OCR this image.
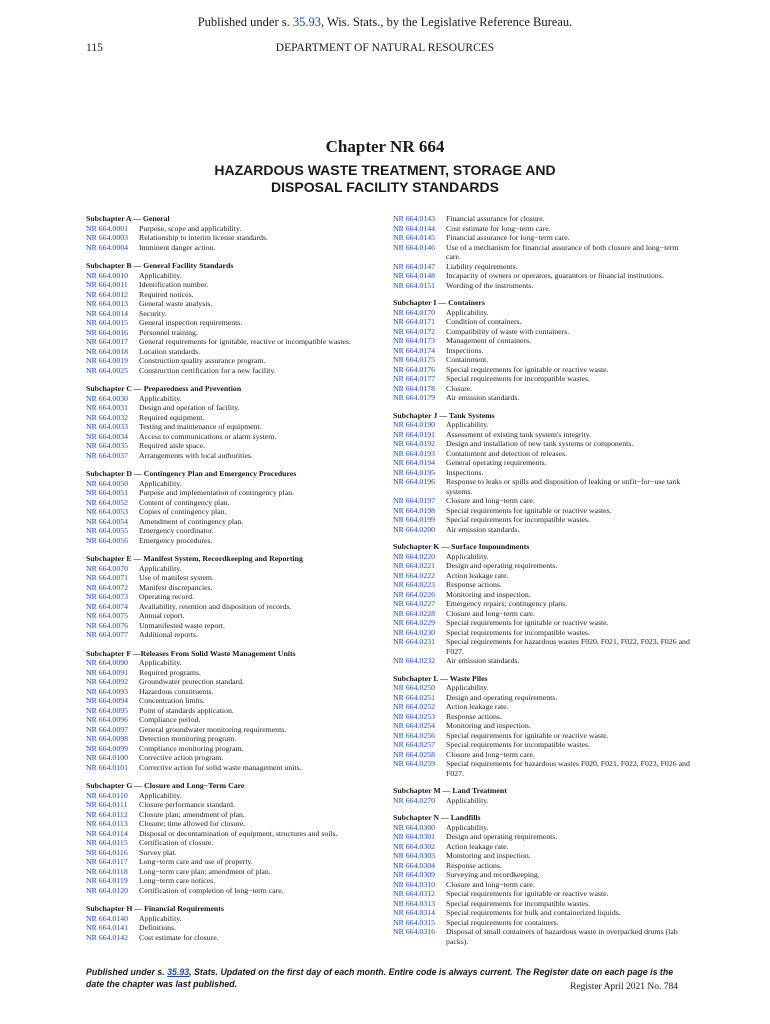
Published under s. 35.93, Wis. Stats., by the Legislative Reference Bureau.
115	DEPARTMENT OF NATURAL RESOURCES
Chapter NR 664
HAZARDOUS WASTE TREATMENT, STORAGE AND DISPOSAL FACILITY STANDARDS
Subchapter A — General
NR 664.0001	Purpose, scope and applicability.
NR 664.0003	Relationship to interim license standards.
NR 664.0004	Imminent danger action.
Subchapter B — General Facility Standards
NR 664.0010	Applicability.
NR 664.0011	Identification number.
NR 664.0012	Required notices.
NR 664.0013	General waste analysis.
NR 664.0014	Security.
NR 664.0015	General inspection requirements.
NR 664.0016	Personnel training.
NR 664.0017	General requirements for ignitable, reactive or incompatible wastes.
NR 664.0018	Location standards.
NR 664.0019	Construction quality assurance program.
NR 664.0025	Construction certification for a new facility.
Subchapter C — Preparedness and Prevention
NR 664.0030	Applicability.
NR 664.0031	Design and operation of facility.
NR 664.0032	Required equipment.
NR 664.0033	Testing and maintenance of equipment.
NR 664.0034	Access to communications or alarm system.
NR 664.0035	Required aisle space.
NR 664.0037	Arrangements with local authorities.
Subchapter D — Contingency Plan and Emergency Procedures
NR 664.0050	Applicability.
NR 664.0051	Purpose and implementation of contingency plan.
NR 664.0052	Content of contingency plan.
NR 664.0053	Copies of contingency plan.
NR 664.0054	Amendment of contingency plan.
NR 664.0055	Emergency coordinator.
NR 664.0056	Emergency procedures.
Subchapter E — Manifest System, Recordkeeping and Reporting
NR 664.0070	Applicability.
NR 664.0071	Use of manifest system.
NR 664.0072	Manifest discrepancies.
NR 664.0073	Operating record.
NR 664.0074	Availability, retention and disposition of records.
NR 664.0075	Annual report.
NR 664.0076	Unmanifested waste report.
NR 664.0077	Additional reports.
Subchapter F —Releases From Solid Waste Management Units
NR 664.0090	Applicability.
NR 664.0091	Required programs.
NR 664.0092	Groundwater protection standard.
NR 664.0093	Hazardous constituents.
NR 664.0094	Concentration limits.
NR 664.0095	Point of standards application.
NR 664.0096	Compliance period.
NR 664.0097	General groundwater monitoring requirements.
NR 664.0098	Detection monitoring program.
NR 664.0099	Compliance monitoring program.
NR 664.0100	Corrective action program.
NR 664.0101	Corrective action for solid waste management units.
Subchapter G — Closure and Long−Term Care
NR 664.0110	Applicability.
NR 664.0111	Closure performance standard.
NR 664.0112	Closure plan; amendment of plan.
NR 664.0113	Closure; time allowed for closure.
NR 664.0114	Disposal or decontamination of equipment, structures and soils.
NR 664.0115	Certification of closure.
NR 664.0116	Survey plat.
NR 664.0117	Long−term care and use of property.
NR 664.0118	Long−term care plan; amendment of plan.
NR 664.0119	Long−term care notices.
NR 664.0120	Certification of completion of long−term care.
Subchapter H — Financial Requirements
NR 664.0140	Applicability.
NR 664.0141	Definitions.
NR 664.0142	Cost estimate for closure.
NR 664.0143	Financial assurance for closure.
NR 664.0144	Cost estimate for long−term care.
NR 664.0145	Financial assurance for long−term care.
NR 664.0146	Use of a mechanism for financial assurance of both closure and long−term care.
NR 664.0147	Liability requirements.
NR 664.0148	Incapacity of owners or operators, guarantors or financial institutions.
NR 664.0151	Wording of the instruments.
Subchapter I — Containers
NR 664.0170	Applicability.
NR 664.0171	Condition of containers.
NR 664.0172	Compatibility of waste with containers.
NR 664.0173	Management of containers.
NR 664.0174	Inspections.
NR 664.0175	Containment.
NR 664.0176	Special requirements for ignitable or reactive waste.
NR 664.0177	Special requirements for incompatible wastes.
NR 664.0178	Closure.
NR 664.0179	Air emission standards.
Subchapter J — Tank Systems
NR 664.0190	Applicability.
NR 664.0191	Assessment of existing tank system's integrity.
NR 664.0192	Design and installation of new tank systems or components.
NR 664.0193	Containment and detection of releases.
NR 664.0194	General operating requirements.
NR 664.0195	Inspections.
NR 664.0196	Response to leaks or spills and disposition of leaking or unfit−for−use tank systems.
NR 664.0197	Closure and long−term care.
NR 664.0198	Special requirements for ignitable or reactive wastes.
NR 664.0199	Special requirements for incompatible wastes.
NR 664.0200	Air emission standards.
Subchapter K — Surface Impoundments
NR 664.0220	Applicability.
NR 664.0221	Design and operating requirements.
NR 664.0222	Action leakage rate.
NR 664.0223	Response actions.
NR 664.0226	Monitoring and inspection.
NR 664.0227	Emergency repairs; contingency plans.
NR 664.0228	Closure and long−term care.
NR 664.0229	Special requirements for ignitable or reactive waste.
NR 664.0230	Special requirements for incompatible wastes.
NR 664.0231	Special requirements for hazardous wastes F020, F021, F022, F023, F026 and F027.
NR 664.0232	Air emission standards.
Subchapter L — Waste Piles
NR 664.0250	Applicability.
NR 664.0251	Design and operating requirements.
NR 664.0252	Action leakage rate.
NR 664.0253	Response actions.
NR 664.0254	Monitoring and inspection.
NR 664.0256	Special requirements for ignitable or reactive waste.
NR 664.0257	Special requirements for incompatible wastes.
NR 664.0258	Closure and long−term care.
NR 664.0259	Special requirements for hazardous wastes F020, F021, F022, F023, F026 and F027.
Subchapter M — Land Treatment
NR 664.0270	Applicability.
Subchapter N — Landfills
NR 664.0300	Applicability.
NR 664.0301	Design and operating requirements.
NR 664.0302	Action leakage rate.
NR 664.0303	Monitoring and inspection.
NR 664.0304	Response actions.
NR 664.0309	Surveying and recordkeeping.
NR 664.0310	Closure and long−term care.
NR 664.0312	Special requirements for ignitable or reactive waste.
NR 664.0313	Special requirements for incompatible wastes.
NR 664.0314	Special requirements for bulk and containerized liquids.
NR 664.0315	Special requirements for containers.
NR 664.0316	Disposal of small containers of hazardous waste in overpacked drums (lab packs).
Published under s. 35.93, Stats. Updated on the first day of each month. Entire code is always current. The Register date on each page is the date the chapter was last published.	Register April 2021 No. 784
